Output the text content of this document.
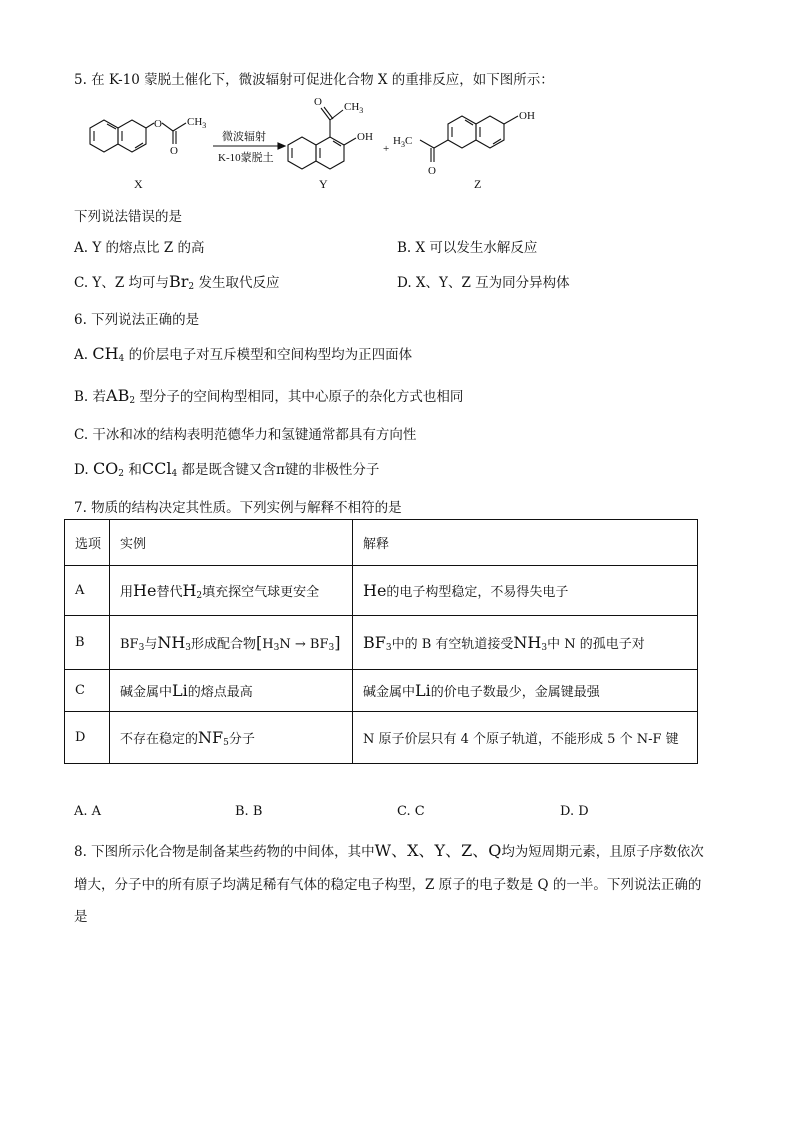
5. 在 K-10 蒙脱土催化下，微波辐射可促进化合物 X 的重排反应，如下图所示：
O
O
$CH_3$
微波辐射
K-10蒙脱土
X
O $CH_3$
OH
Y
+
$H_3C$
O
OH
Z
下列说法错误的是
A. Y 的熔点比 Z 的高	B. X 可以发生水解反应
C. Y、Z 均可与$Br_2$ 发生取代反应	D. X、Y、Z 互为同分异构体
6. 下列说法正确的是
A. $CH_4$ 的价层电子对互斥模型和空间构型均为正四面体
B. 若$AB_2$ 型分子的空间构型相同，其中心原子的杂化方式也相同
C. 干冰和冰的结构表明范德华力和氢键通常都具有方向性
D. $CO_2$ 和CCl$_4$ 都是既含键又含π键的非极性分子
7. 物质的结构决定其性质。下列实例与解释不相符的是
选项	实例	解释
A	用He替代$H_2$填充探空气球更安全	He的电子构型稳定，不易得失电子
B	$BF_3$与$NH_3$形成配合物$[H_3N \to BF_3]$	$BF_3$中的 B 有空轨道接受$NH_3$中 N 的孤电子对
C	碱金属中Li的熔点最高	碱金属中Li的价电子数最少，金属键最强
D	不存在稳定的$NF_5$分子	N 原子价层只有 4 个原子轨道，不能形成 5 个 N-F 键
A. A	B. B	C. C	D. D
8. 下图所示化合物是制备某些药物的中间体，其中W、X、Y、Z、Q均为短周期元素，且原子序数依次
增大，分子中的所有原子均满足稀有气体的稳定电子构型，Z 原子的电子数是 Q 的一半。下列说法正确的
是
